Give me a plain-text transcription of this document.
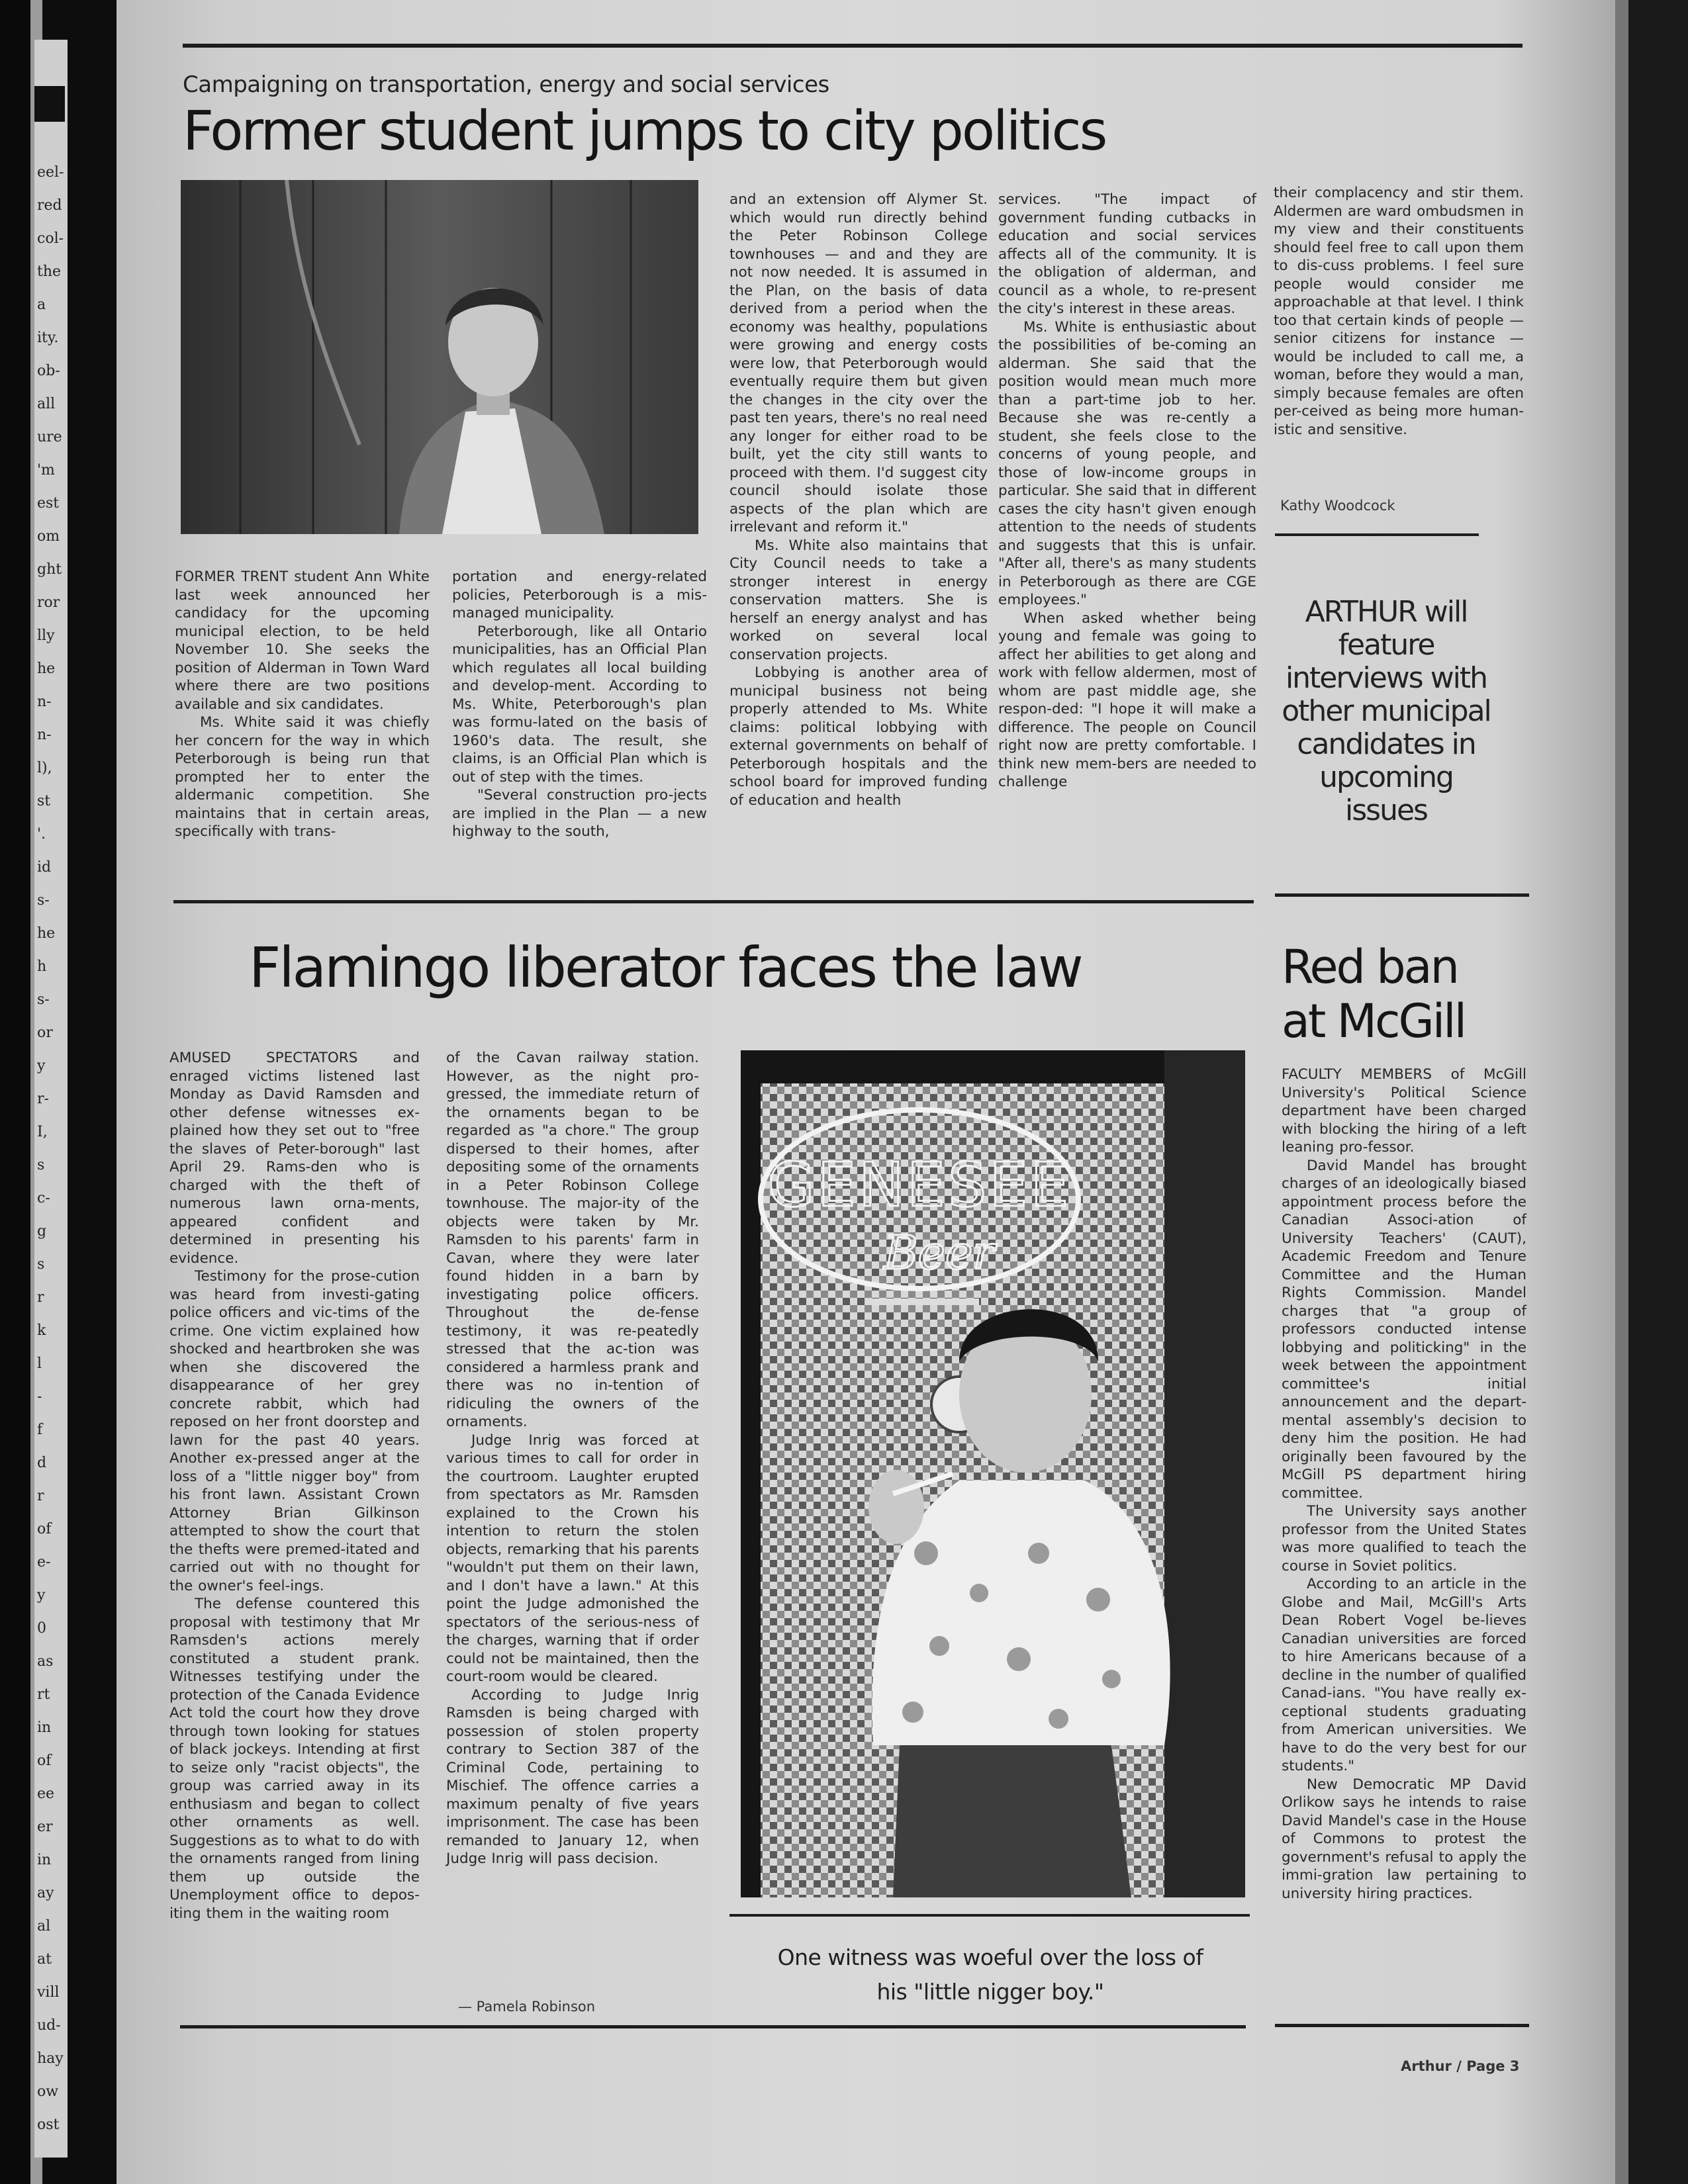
eel-
red
col-
the
a
ity.
ob-
all
ure
'm
est
om
ght
ror
lly
he
n-
n-
l),
st
'.
id
s-
he
h
s-
or
y
r-
I,
s
c-
g
s
r
k
l
-
f
d
r
of
e-
y
0
as
rt
in
of
ee
er
in
ay
al
at
vill
ud-
hay
ow
ost
Campaigning on transportation, energy and social services
Former student jumps to city politics

FORMER TRENT student Ann White last week announced her candidacy for the upcoming municipal election, to be held November 10. She seeks the position of Alderman in Town Ward where there are two positions available and six candidates.

Ms. White said it was chiefly her concern for the way in which Peterborough is being run that prompted her to enter the aldermanic competition. She maintains that in certain areas, specifically with trans-

portation and energy-related policies, Peterborough is a mis-managed municipality.

Peterborough, like all Ontario municipalities, has an Official Plan which regulates all local building and develop-ment. According to Ms. White, Peterborough's plan was formu-lated on the basis of 1960's data. The result, she claims, is an Official Plan which is out of step with the times.

"Several construction pro-jects are implied in the Plan — a new highway to the south,

and an extension off Alymer St. which would run directly behind the Peter Robinson College townhouses — and and they are not now needed. It is assumed in the Plan, on the basis of data derived from a period when the economy was healthy, populations were growing and energy costs were low, that Peterborough would eventually require them but given the changes in the city over the past ten years, there's no real need any longer for either road to be built, yet the city still wants to proceed with them. I'd suggest city council should isolate those aspects of the plan which are irrelevant and reform it."

Ms. White also maintains that City Council needs to take a stronger interest in energy conservation matters. She is herself an energy analyst and has worked on several local conservation projects.

Lobbying is another area of municipal business not being properly attended to Ms. White claims: political lobbying with external governments on behalf of Peterborough hospitals and the school board for improved funding of education and health

services. "The impact of government funding cutbacks in education and social services affects all of the community. It is the obligation of alderman, and council as a whole, to re-present the city's interest in these areas.

Ms. White is enthusiastic about the possibilities of be-coming an alderman. She said that the position would mean much more than a part-time job to her. Because she was re-cently a student, she feels close to the concerns of young people, and those of low-income groups in particular. She said that in different cases the city hasn't given enough attention to the needs of students and suggests that this is unfair. "After all, there's as many students in Peterborough as there are CGE employees."

When asked whether being young and female was going to affect her abilities to get along and work with fellow aldermen, most of whom are past middle age, she respon-ded: "I hope it will make a difference. The people on Council right now are pretty comfortable. I think new mem-bers are needed to challenge

their complacency and stir them. Aldermen are ward ombudsmen in my view and their constituents should feel free to call upon them to dis-cuss problems. I feel sure people would consider me approachable at that level. I think too that certain kinds of people — senior citizens for instance — would be included to call me, a woman, before they would a man, simply because females are often per-ceived as being more human-istic and sensitive.

Kathy Woodcock
ARTHUR will feature interviews with other municipal candidates in upcoming issues
Flamingo liberator faces the law

AMUSED SPECTATORS and enraged victims listened last Monday as David Ramsden and other defense witnesses ex-plained how they set out to "free the slaves of Peter-borough" last April 29. Rams-den who is charged with the theft of numerous lawn orna-ments, appeared confident and determined in presenting his evidence.

Testimony for the prose-cution was heard from investi-gating police officers and vic-tims of the crime. One victim explained how shocked and heartbroken she was when she discovered the disappearance of her grey concrete rabbit, which had reposed on her front doorstep and lawn for the past 40 years. Another ex-pressed anger at the loss of a "little nigger boy" from his front lawn. Assistant Crown Attorney Brian Gilkinson attempted to show the court that the thefts were premed-itated and carried out with no thought for the owner's feel-ings.

The defense countered this proposal with testimony that Mr Ramsden's actions merely constituted a student prank. Witnesses testifying under the protection of the Canada Evidence Act told the court how they drove through town looking for statues of black jockeys. Intending at first to seize only "racist objects", the group was carried away in its enthusiasm and began to collect other ornaments as well. Suggestions as to what to do with the ornaments ranged from lining them up outside the Unemployment office to depos-iting them in the waiting room

of the Cavan railway station. However, as the night pro-gressed, the immediate return of the ornaments began to be regarded as "a chore." The group dispersed to their homes, after depositing some of the ornaments in a Peter Robinson College townhouse. The major-ity of the objects were taken by Mr. Ramsden to his parents' farm in Cavan, where they were later found hidden in a barn by investigating police officers. Throughout the de-fense testimony, it was re-peatedly stressed that the ac-tion was considered a harmless prank and there was no in-tention of ridiculing the owners of the ornaments.

Judge Inrig was forced at various times to call for order in the courtroom. Laughter erupted from spectators as Mr. Ramsden explained to the Crown his intention to return the stolen objects, remarking that his parents "wouldn't put them on their lawn, and I don't have a lawn." At this point the Judge admonished the spectators of the serious-ness of the charges, warning that if order could not be maintained, then the court-room would be cleared.

According to Judge Inrig Ramsden is being charged with possession of stolen property contrary to Section 387 of the Criminal Code, pertaining to Mischief. The offence carries a maximum penalty of five years imprisonment. The case has been remanded to January 12, when Judge Inrig will pass decision.

— Pamela Robinson
GENESEE
Beer
One witness was woeful over the loss of his "little nigger boy."
Red ban
at McGill

FACULTY MEMBERS of McGill University's Political Science department have been charged with blocking the hiring of a left leaning pro-fessor.

David Mandel has brought charges of an ideologically biased appointment process before the Canadian Associ-ation of University Teachers' (CAUT), Academic Freedom and Tenure Committee and the Human Rights Commission. Mandel charges that "a group of professors conducted intense lobbying and politicking" in the week between the appointment committee's initial announcement and the depart-mental assembly's decision to deny him the position. He had originally been favoured by the McGill PS department hiring committee.

The University says another professor from the United States was more qualified to teach the course in Soviet politics.

According to an article in the Globe and Mail, McGill's Arts Dean Robert Vogel be-lieves Canadian universities are forced to hire Americans because of a decline in the number of qualified Canad-ians. "You have really ex-ceptional students graduating from American universities. We have to do the very best for our students."

New Democratic MP David Orlikow says he intends to raise David Mandel's case in the House of Commons to protest the government's refusal to apply the immi-gration law pertaining to university hiring practices.

Arthur / Page 3
